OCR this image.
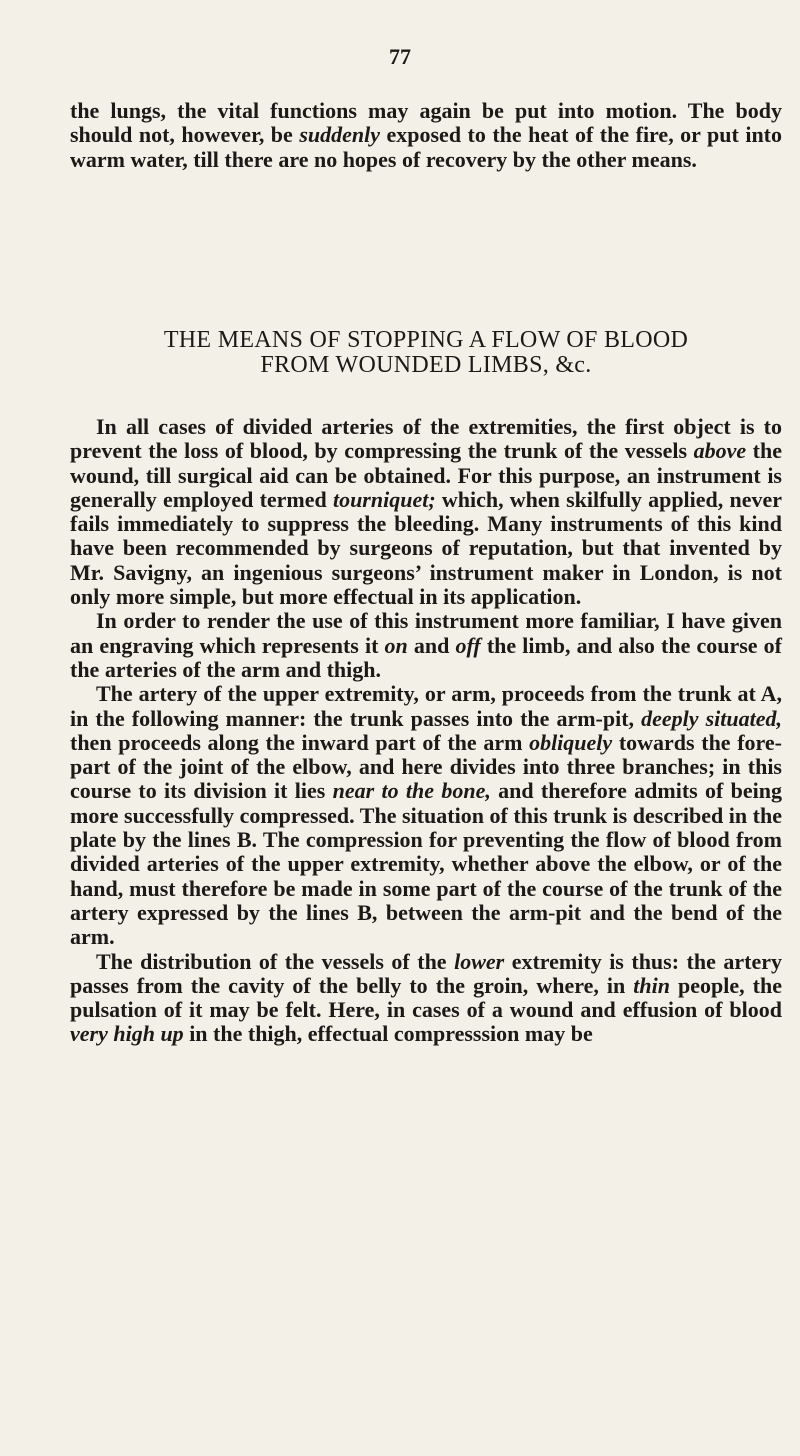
77

the lungs, the vital functions may again be put into motion. The body should not, however, be suddenly exposed to the heat of the fire, or put into warm water, till there are no hopes of recovery by the other means.

THE MEANS OF STOPPING A FLOW OF BLOOD
FROM WOUNDED LIMBS, &c.

In all cases of divided arteries of the extremities, the first object is to prevent the loss of blood, by compressing the trunk of the vessels above the wound, till surgical aid can be obtained. For this purpose, an instrument is generally employed termed tourniquet; which, when skilfully applied, never fails immediately to suppress the bleeding. Many instruments of this kind have been recommended by surgeons of reputation, but that invented by Mr. Savigny, an ingenious surgeons’ instrument maker in London, is not only more simple, but more effectual in its application.

In order to render the use of this instrument more familiar, I have given an engraving which represents it on and off the limb, and also the course of the arteries of the arm and thigh.

The artery of the upper extremity, or arm, proceeds from the trunk at A, in the following manner: the trunk passes into the arm-pit, deeply situated, then proceeds along the inward part of the arm obliquely towards the fore-part of the joint of the elbow, and here divides into three branches; in this course to its division it lies near to the bone, and therefore admits of being more successfully compressed. The situation of this trunk is described in the plate by the lines B. The compression for preventing the flow of blood from divided arteries of the upper extremity, whether above the elbow, or of the hand, must therefore be made in some part of the course of the trunk of the artery expressed by the lines B, between the arm-pit and the bend of the arm.

The distribution of the vessels of the lower extremity is thus: the artery passes from the cavity of the belly to the groin, where, in thin people, the pulsation of it may be felt. Here, in cases of a wound and effusion of blood very high up in the thigh, effectual compresssion may be
